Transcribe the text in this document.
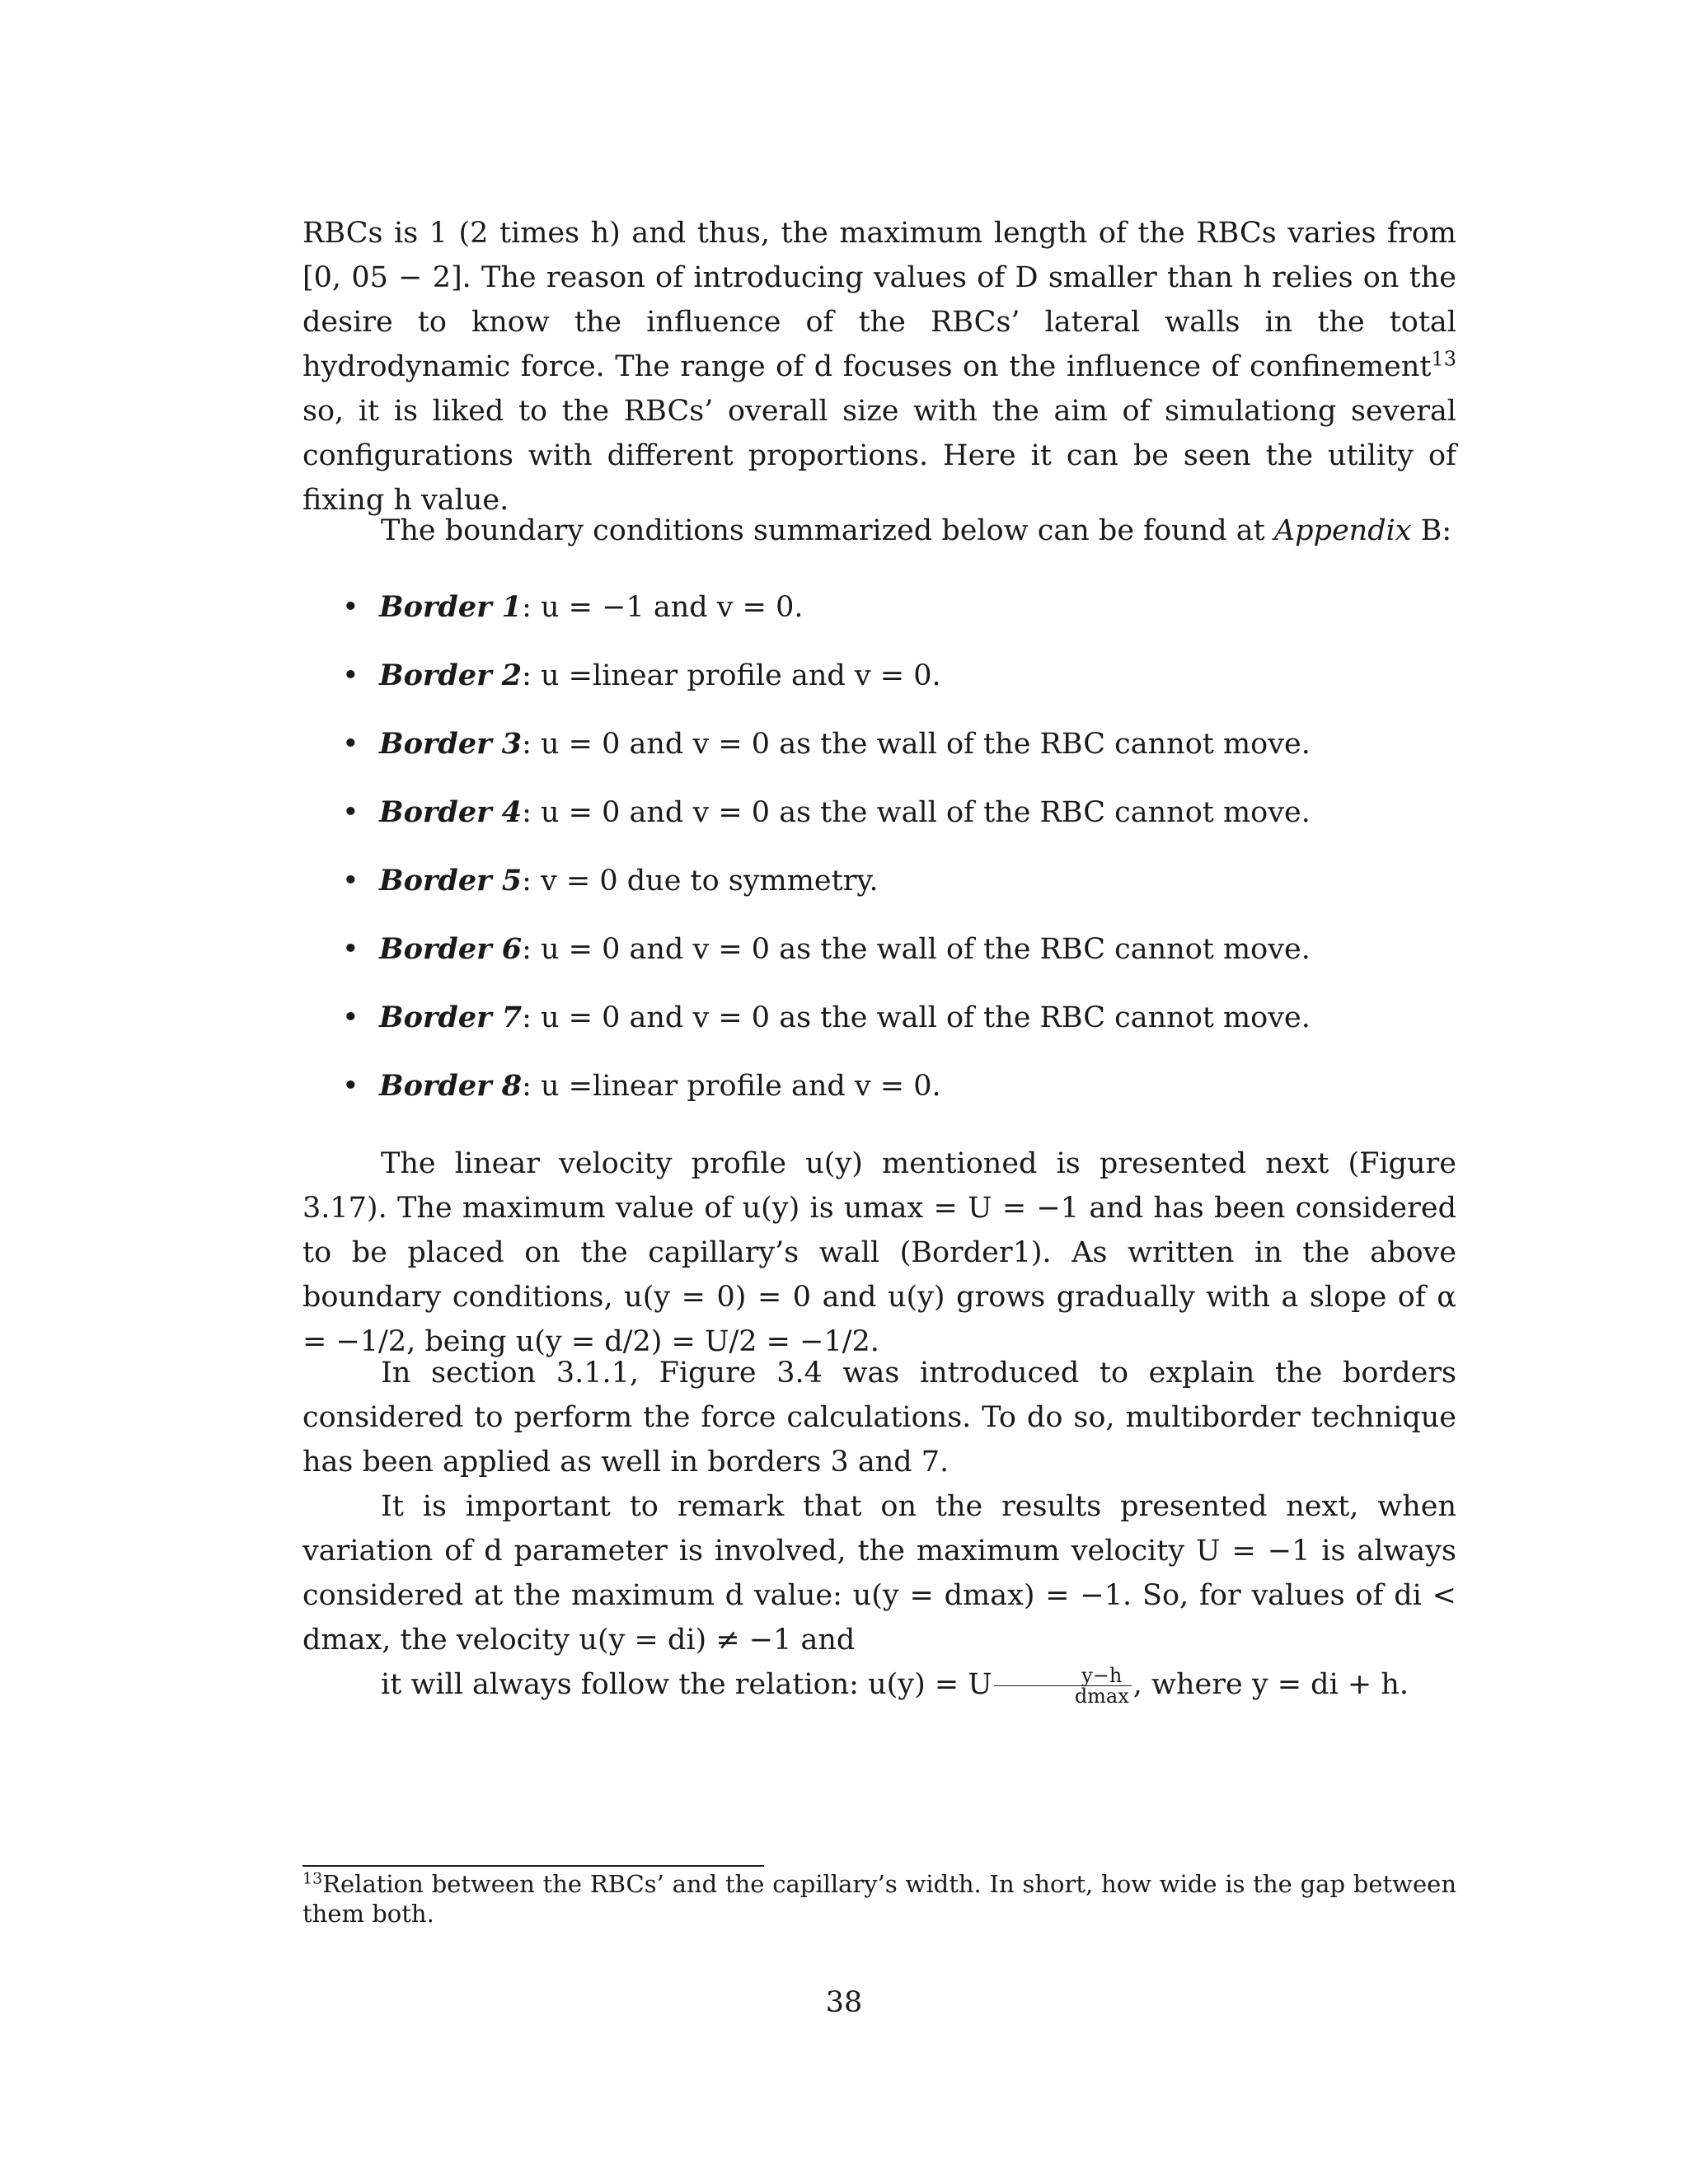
RBCs is 1 (2 times h) and thus, the maximum length of the RBCs varies from [0, 05 − 2]. The reason of introducing values of D smaller than h relies on the desire to know the influence of the RBCs’ lateral walls in the total hydrodynamic force. The range of d focuses on the influence of confinement$^{13}$ so, it is liked to the RBCs’ overall size with the aim of simulationg several configurations with different proportions. Here it can be seen the utility of fixing h value.
The boundary conditions summarized below can be found at Appendix B:
• Border 1: u = −1 and v = 0.
• Border 2: u =linear profile and v = 0.
• Border 3: u = 0 and v = 0 as the wall of the RBC cannot move.
• Border 4: u = 0 and v = 0 as the wall of the RBC cannot move.
• Border 5: v = 0 due to symmetry.
• Border 6: u = 0 and v = 0 as the wall of the RBC cannot move.
• Border 7: u = 0 and v = 0 as the wall of the RBC cannot move.
• Border 8: u =linear profile and v = 0.
The linear velocity profile u(y) mentioned is presented next (Figure 3.17). The maximum value of u(y) is umax = U = −1 and has been considered to be placed on the capillary’s wall (Border1). As written in the above boundary conditions, u(y = 0) = 0 and u(y) grows gradually with a slope of α = −1/2, being u(y = d/2) = U/2 = −1/2.
In section 3.1.1, Figure 3.4 was introduced to explain the borders considered to perform the force calculations. To do so, multiborder technique has been applied as well in borders 3 and 7.
It is important to remark that on the results presented next, when variation of d parameter is involved, the maximum velocity U = −1 is always considered at the maximum d value: u(y = dmax) = −1. So, for values of di < dmax, the velocity u(y = di) ≠ −1 and
it will always follow the relation: u(y) = U $\frac{y-h}{dmax}$ , where y = di + h.
$^{13}$Relation between the RBCs’ and the capillary’s width. In short, how wide is the gap between them both.
38
